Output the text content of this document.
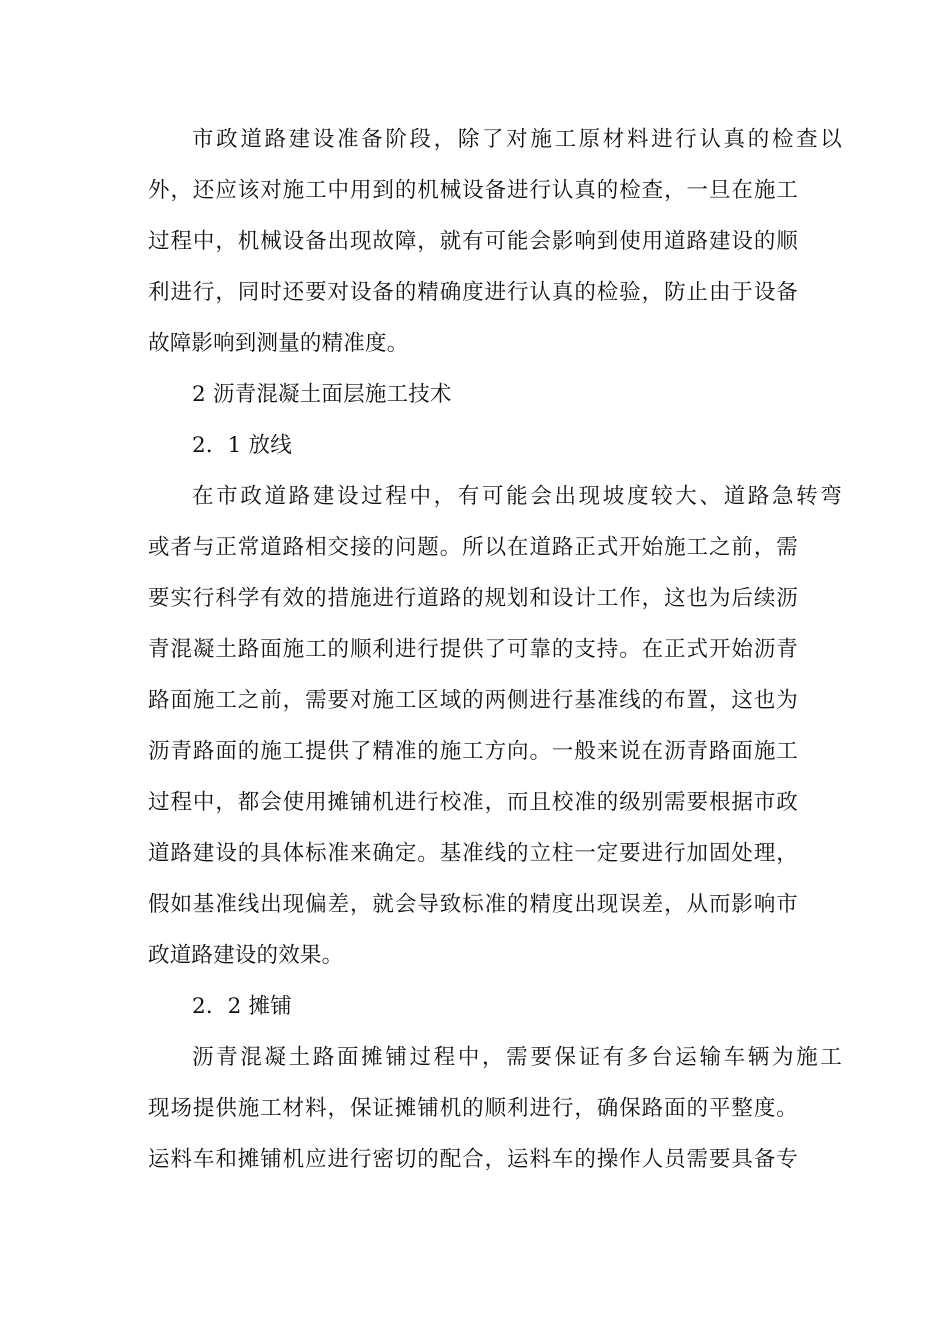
市政道路建设准备阶段，除了对施工原材料进行认真的检查以
外，还应该对施工中用到的机械设备进行认真的检查，一旦在施工
过程中，机械设备出现故障，就有可能会影响到使用道路建设的顺
利进行，同时还要对设备的精确度进行认真的检验，防止由于设备
故障影响到测量的精准度。
2 沥青混凝土面层施工技术
2．1 放线
在市政道路建设过程中，有可能会出现坡度较大、道路急转弯
或者与正常道路相交接的问题。所以在道路正式开始施工之前，需
要实行科学有效的措施进行道路的规划和设计工作，这也为后续沥
青混凝土路面施工的顺利进行提供了可靠的支持。在正式开始沥青
路面施工之前，需要对施工区域的两侧进行基准线的布置，这也为
沥青路面的施工提供了精准的施工方向。一般来说在沥青路面施工
过程中，都会使用摊铺机进行校准，而且校准的级别需要根据市政
道路建设的具体标准来确定。基准线的立柱一定要进行加固处理，
假如基准线出现偏差，就会导致标准的精度出现误差，从而影响市
政道路建设的效果。
2．2 摊铺
沥青混凝土路面摊铺过程中，需要保证有多台运输车辆为施工
现场提供施工材料，保证摊铺机的顺利进行，确保路面的平整度。
运料车和摊铺机应进行密切的配合，运料车的操作人员需要具备专
